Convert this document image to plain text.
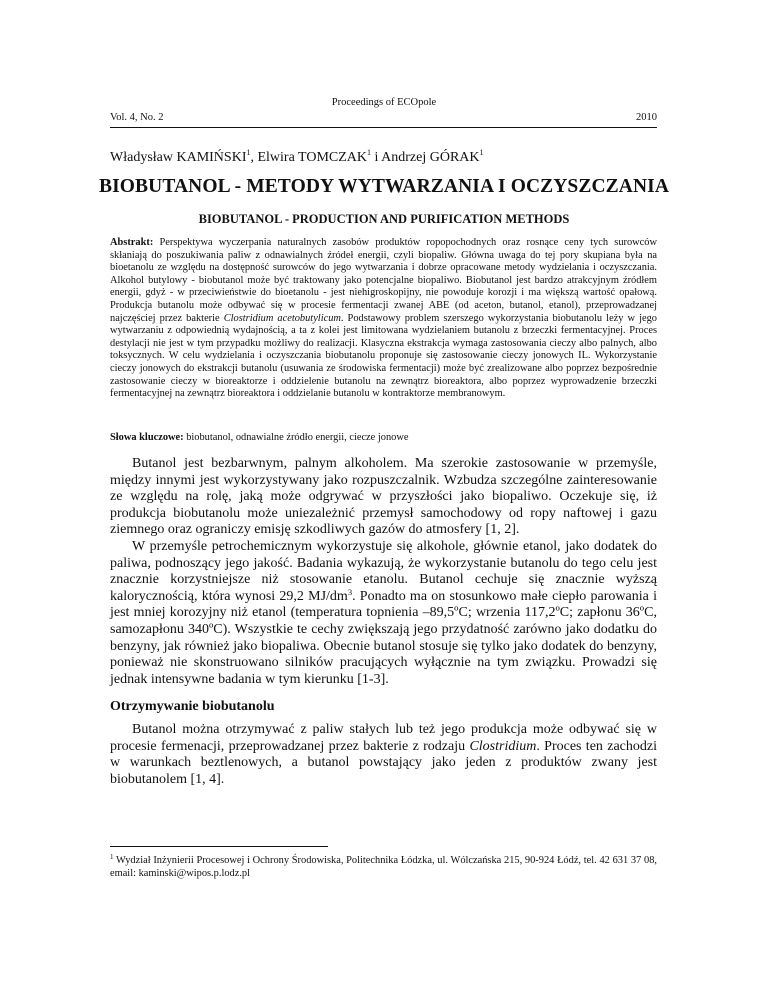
Proceedings of ECOpole
Vol. 4, No. 2	2010
Władysław KAMIŃSKI$^1$, Elwira TOMCZAK$^1$ i Andrzej GÓRAK$^1$
BIOBUTANOL - METODY WYTWARZANIA I OCZYSZCZANIA
BIOBUTANOL - PRODUCTION AND PURIFICATION METHODS

Abstrakt: Perspektywa wyczerpania naturalnych zasobów produktów ropopochodnych oraz rosnące ceny tych surowców skłaniają do poszukiwania paliw z odnawialnych źródeł energii, czyli biopaliw. Główna uwaga do tej pory skupiana była na bioetanolu ze względu na dostępność surowców do jego wytwarzania i dobrze opracowane metody wydzielania i oczyszczania. Alkohol butylowy - biobutanol może być traktowany jako potencjalne biopaliwo. Biobutanol jest bardzo atrakcyjnym źródłem energii, gdyż - w przeciwieństwie do bioetanolu - jest niehigroskopijny, nie powoduje korozji i ma większą wartość opałową. Produkcja butanolu może odbywać się w procesie fermentacji zwanej ABE (od aceton, butanol, etanol), przeprowadzanej najczęściej przez bakterie Clostridium acetobutylicum. Podstawowy problem szerszego wykorzystania biobutanolu leży w jego wytwarzaniu z odpowiednią wydajnością, a ta z kolei jest limitowana wydzielaniem butanolu z brzeczki fermentacyjnej. Proces destylacji nie jest w tym przypadku możliwy do realizacji. Klasyczna ekstrakcja wymaga zastosowania cieczy albo palnych, albo toksycznych. W celu wydzielania i oczyszczania biobutanolu proponuje się zastosowanie cieczy jonowych IL. Wykorzystanie cieczy jonowych do ekstrakcji butanolu (usuwania ze środowiska fermentacji) może być zrealizowane albo poprzez bezpośrednie zastosowanie cieczy w bioreaktorze i oddzielenie butanolu na zewnątrz bioreaktora, albo poprzez wyprowadzenie brzeczki fermentacyjnej na zewnątrz bioreaktora i oddzielanie butanolu w kontraktorze membranowym.

Słowa kluczowe: biobutanol, odnawialne źródło energii, ciecze jonowe

Butanol jest bezbarwnym, palnym alkoholem. Ma szerokie zastosowanie w przemyśle, między innymi jest wykorzystywany jako rozpuszczalnik. Wzbudza szczególne zainteresowanie ze względu na rolę, jaką może odgrywać w przyszłości jako biopaliwo. Oczekuje się, iż produkcja biobutanolu może uniezależnić przemysł samochodowy od ropy naftowej i gazu ziemnego oraz ograniczy emisję szkodliwych gazów do atmosfery [1, 2].

W przemyśle petrochemicznym wykorzystuje się alkohole, głównie etanol, jako dodatek do paliwa, podnoszący jego jakość. Badania wykazują, że wykorzystanie butanolu do tego celu jest znacznie korzystniejsze niż stosowanie etanolu. Butanol cechuje się znacznie wyższą kalorycznością, która wynosi 29,2 $MJ/dm^3$. Ponadto ma on stosunkowo małe ciepło parowania i jest mniej korozyjny niż etanol (temperatura topnienia –89,5ºC; wrzenia 117,2ºC; zapłonu 36ºC, samozapłonu 340ºC). Wszystkie te cechy zwiększają jego przydatność zarówno jako dodatku do benzyny, jak również jako biopaliwa. Obecnie butanol stosuje się tylko jako dodatek do benzyny, ponieważ nie skonstruowano silników pracujących wyłącznie na tym związku. Prowadzi się jednak intensywne badania w tym kierunku [1-3].

Otrzymywanie biobutanolu

Butanol można otrzymywać z paliw stałych lub też jego produkcja może odbywać się w procesie fermenacji, przeprowadzanej przez bakterie z rodzaju Clostridium. Proces ten zachodzi w warunkach beztlenowych, a butanol powstający jako jeden z produktów zwany jest biobutanolem [1, 4].

$^1$ Wydział Inżynierii Procesowej i Ochrony Środowiska, Politechnika Łódzka, ul. Wólczańska 215, 90-924 Łódź, tel. 42 631 37 08, email: kaminski@wipos.p.lodz.pl
